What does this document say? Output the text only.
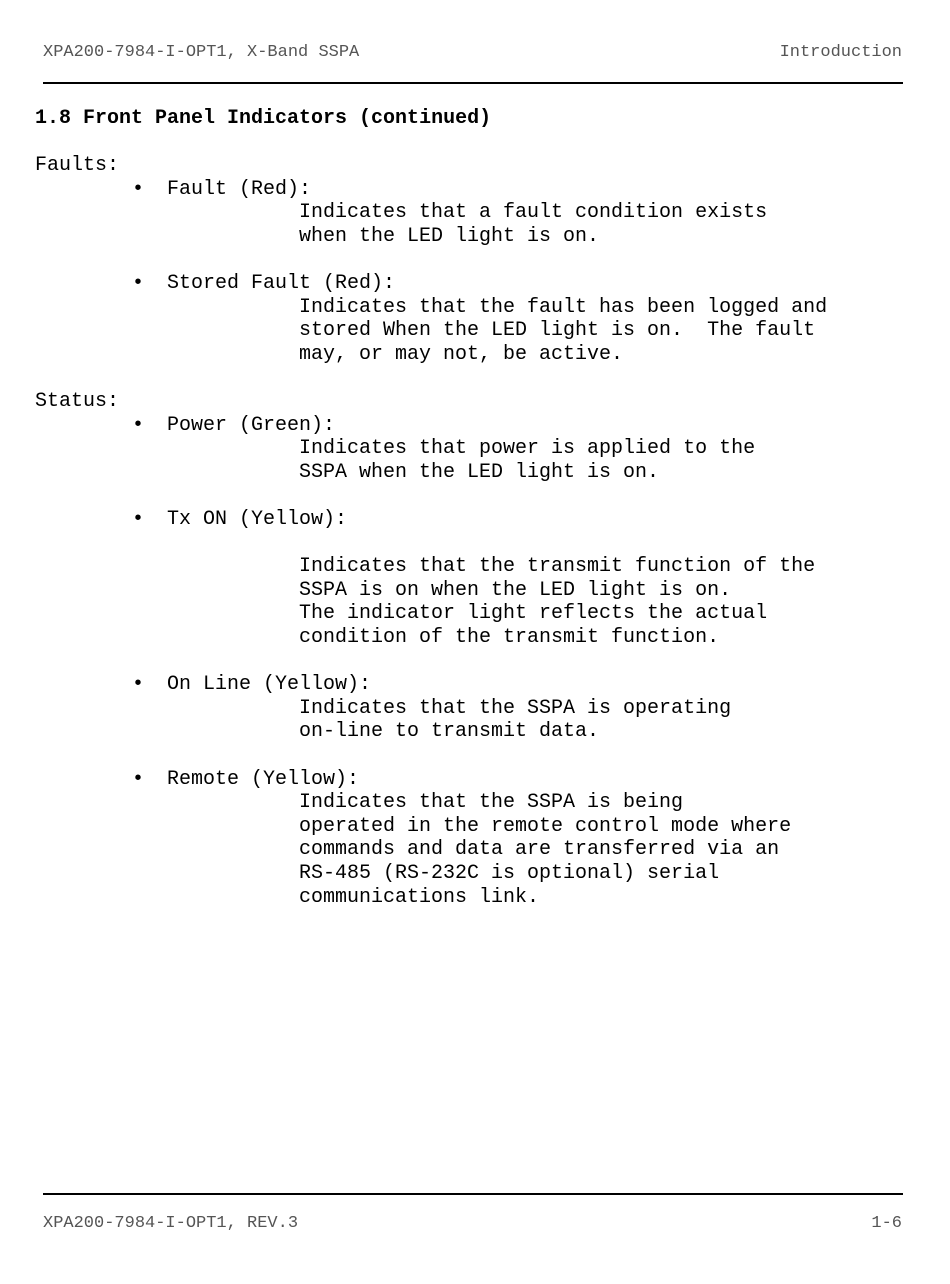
XPA200-7984-I-OPT1, X-Band SSPA	Introduction
1.8 Front Panel Indicators (continued)
Faults:
• Fault (Red):
Indicates that a fault condition exists
when the LED light is on.
• Stored Fault (Red):
Indicates that the fault has been logged and
stored When the LED light is on.  The fault
may, or may not, be active.
Status:
• Power (Green):
Indicates that power is applied to the
SSPA when the LED light is on.
• Tx ON (Yellow):
Indicates that the transmit function of the
SSPA is on when the LED light is on.
The indicator light reflects the actual
condition of the transmit function.
• On Line (Yellow):
Indicates that the SSPA is operating
on-line to transmit data.
• Remote (Yellow):
Indicates that the SSPA is being
operated in the remote control mode where
commands and data are transferred via an
RS-485 (RS-232C is optional) serial
communications link.
XPA200-7984-I-OPT1, REV.3	1-6
